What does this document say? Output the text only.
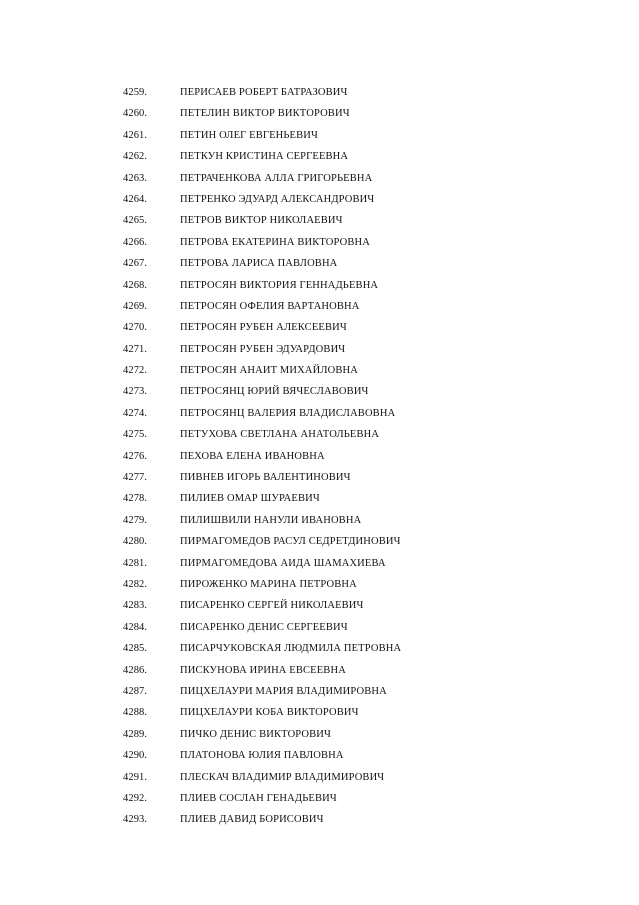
4259.	ПЕРИСАЕВ РОБЕРТ БАТРАЗОВИЧ
4260.	ПЕТЕЛИН ВИКТОР ВИКТОРОВИЧ
4261.	ПЕТИН ОЛЕГ ЕВГЕНЬЕВИЧ
4262.	ПЕТКУН КРИСТИНА СЕРГЕЕВНА
4263.	ПЕТРАЧЕНКОВА АЛЛА ГРИГОРЬЕВНА
4264.	ПЕТРЕНКО ЭДУАРД АЛЕКСАНДРОВИЧ
4265.	ПЕТРОВ ВИКТОР НИКОЛАЕВИЧ
4266.	ПЕТРОВА ЕКАТЕРИНА ВИКТОРОВНА
4267.	ПЕТРОВА ЛАРИСА ПАВЛОВНА
4268.	ПЕТРОСЯН ВИКТОРИЯ ГЕННАДЬЕВНА
4269.	ПЕТРОСЯН ОФЕЛИЯ ВАРТАНОВНА
4270.	ПЕТРОСЯН РУБЕН АЛЕКСЕЕВИЧ
4271.	ПЕТРОСЯН РУБЕН ЭДУАРДОВИЧ
4272.	ПЕТРОСЯН АНАИТ МИХАЙЛОВНА
4273.	ПЕТРОСЯНЦ ЮРИЙ ВЯЧЕСЛАВОВИЧ
4274.	ПЕТРОСЯНЦ ВАЛЕРИЯ ВЛАДИСЛАВОВНА
4275.	ПЕТУХОВА СВЕТЛАНА АНАТОЛЬЕВНА
4276.	ПЕХОВА ЕЛЕНА ИВАНОВНА
4277.	ПИВНЕВ ИГОРЬ ВАЛЕНТИНОВИЧ
4278.	ПИЛИЕВ ОМАР ШУРАЕВИЧ
4279.	ПИЛИШВИЛИ НАНУЛИ ИВАНОВНА
4280.	ПИРМАГОМЕДОВ РАСУЛ СЕДРЕТДИНОВИЧ
4281.	ПИРМАГОМЕДОВА АИДА ШАМАХИЕВА
4282.	ПИРОЖЕНКО МАРИНА ПЕТРОВНА
4283.	ПИСАРЕНКО СЕРГЕЙ НИКОЛАЕВИЧ
4284.	ПИСАРЕНКО ДЕНИС СЕРГЕЕВИЧ
4285.	ПИСАРЧУКОВСКАЯ ЛЮДМИЛА ПЕТРОВНА
4286.	ПИСКУНОВА ИРИНА ЕВСЕЕВНА
4287.	ПИЦХЕЛАУРИ МАРИЯ ВЛАДИМИРОВНА
4288.	ПИЦХЕЛАУРИ КОБА ВИКТОРОВИЧ
4289.	ПИЧКО ДЕНИС ВИКТОРОВИЧ
4290.	ПЛАТОНОВА ЮЛИЯ ПАВЛОВНА
4291.	ПЛЕСКАЧ ВЛАДИМИР ВЛАДИМИРОВИЧ
4292.	ПЛИЕВ СОСЛАН ГЕНАДЬЕВИЧ
4293.	ПЛИЕВ ДАВИД БОРИСОВИЧ
